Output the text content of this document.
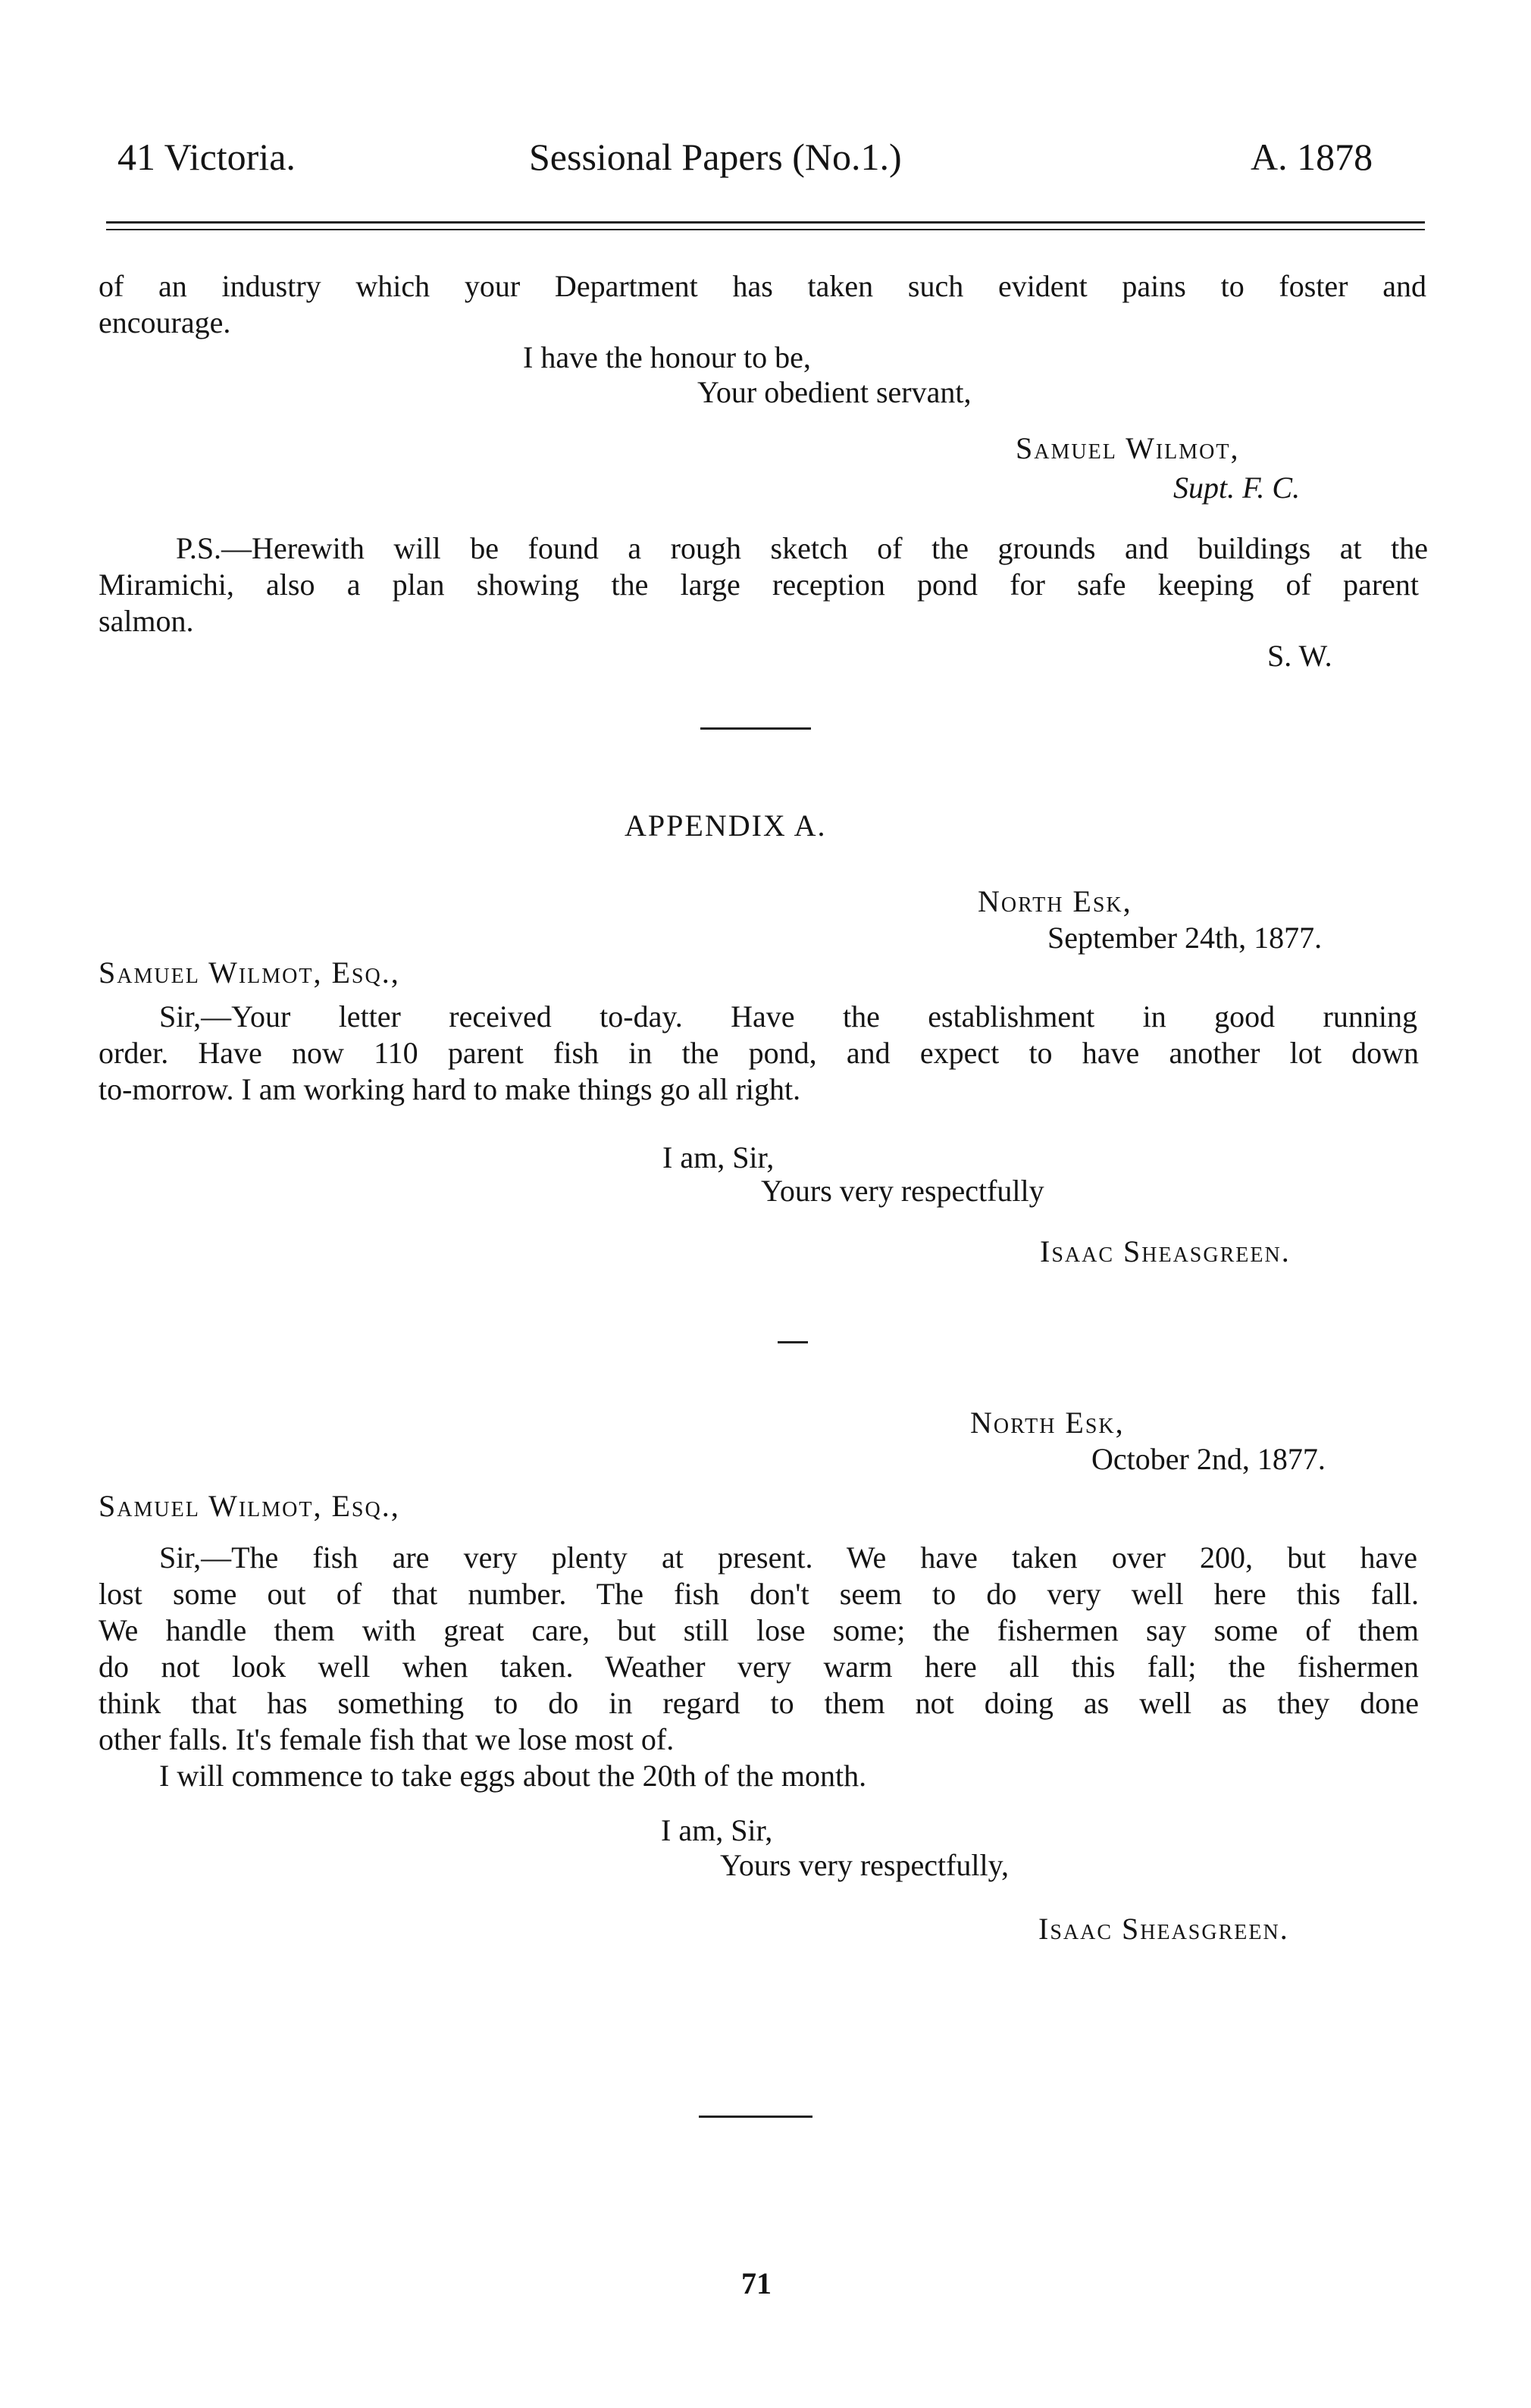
41 Victoria.	Sessional Papers (No.1.)	A. 1878
of an industry which your Department has taken such evident pains to foster and
encourage.
I have the honour to be,
Your obedient servant,
Samuel Wilmot,
Supt. F. C.
P.S.—Herewith will be found a rough sketch of the grounds and buildings at the
Miramichi, also a plan showing the large reception pond for safe keeping of parent
salmon.
S. W.
APPENDIX A.
North Esk,
September 24th, 1877.
Samuel Wilmot, Esq.,
Sir,—Your letter received to-day. Have the establishment in good running
order. Have now 110 parent fish in the pond, and expect to have another lot down
to-morrow. I am working hard to make things go all right.
I am, Sir,
Yours very respectfully
Isaac Sheasgreen.
North Esk,
October 2nd, 1877.
Samuel Wilmot, Esq.,
Sir,—The fish are very plenty at present. We have taken over 200, but have
lost some out of that number. The fish don't seem to do very well here this fall.
We handle them with great care, but still lose some; the fishermen say some of them
do not look well when taken. Weather very warm here all this fall; the fishermen
think that has something to do in regard to them not doing as well as they done
other falls. It's female fish that we lose most of.
I will commence to take eggs about the 20th of the month.
I am, Sir,
Yours very respectfully,
Isaac Sheasgreen.
71
